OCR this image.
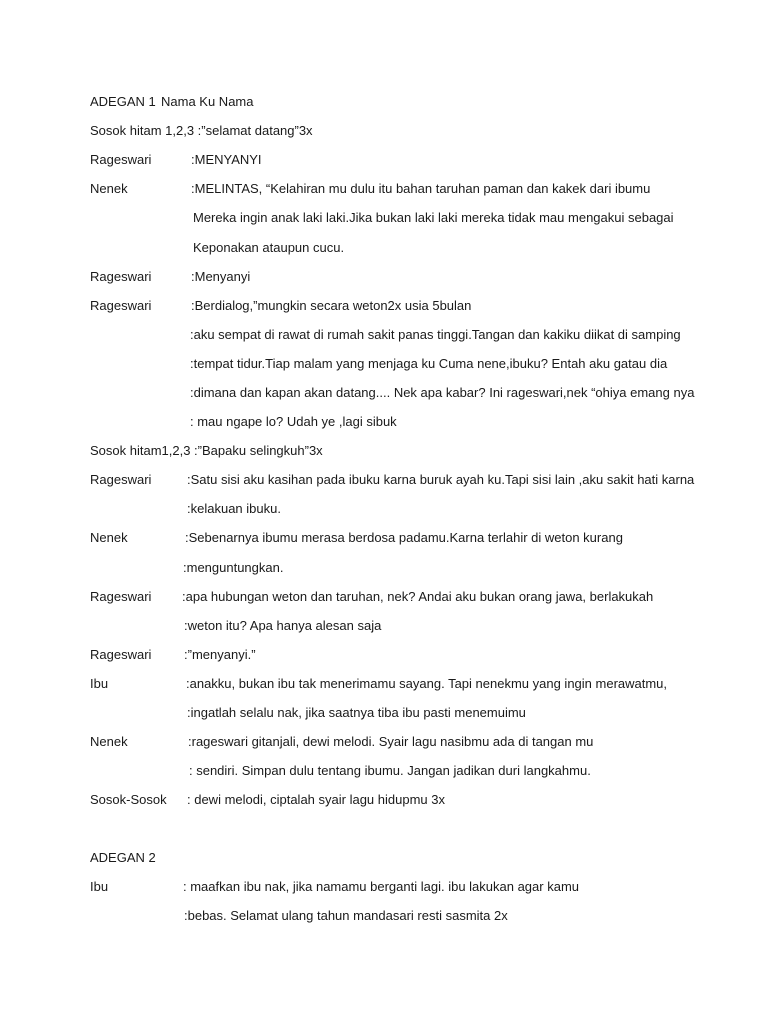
ADEGAN 1 Nama Ku Nama
Sosok hitam 1,2,3 :”selamat datang”3x
Rageswari	:MENYANYI
Nenek	:MELINTAS, “Kelahiran mu dulu itu bahan taruhan paman dan kakek dari ibumu
Mereka ingin anak laki laki.Jika bukan laki laki mereka tidak mau mengakui sebagai
Keponakan ataupun cucu.
Rageswari	:Menyanyi
Rageswari	:Berdialog,”mungkin secara weton2x usia 5bulan
:aku sempat di rawat di rumah sakit panas tinggi.Tangan dan kakiku diikat di samping
:tempat tidur.Tiap malam yang menjaga ku Cuma nene,ibuku? Entah aku gatau dia
:dimana dan kapan akan datang.... Nek apa kabar? Ini rageswari,nek “ohiya emang nya
: mau ngape lo? Udah ye ,lagi sibuk
Sosok hitam1,2,3 :”Bapaku selingkuh”3x
Rageswari	:Satu sisi aku kasihan pada ibuku karna buruk ayah ku.Tapi sisi lain ,aku sakit hati karna
:kelakuan ibuku.
Nenek	:Sebenarnya ibumu merasa berdosa padamu.Karna terlahir di weton kurang
:menguntungkan.
Rageswari :apa hubungan weton dan taruhan, nek? Andai aku bukan orang jawa, berlakukah
:weton itu? Apa hanya alesan saja
Rageswari	:”menyanyi.”
Ibu	:anakku, bukan ibu tak menerimamu sayang. Tapi nenekmu yang ingin merawatmu,
:ingatlah selalu nak, jika saatnya tiba ibu pasti menemuimu
Nenek	:rageswari gitanjali, dewi melodi. Syair lagu nasibmu ada di tangan mu
: sendiri. Simpan dulu tentang ibumu. Jangan jadikan duri langkahmu.
Sosok-Sosok : dewi melodi, ciptalah syair lagu hidupmu 3x
ADEGAN 2
Ibu	: maafkan ibu nak, jika namamu berganti lagi. ibu lakukan agar kamu
:bebas. Selamat ulang tahun mandasari resti sasmita 2x
